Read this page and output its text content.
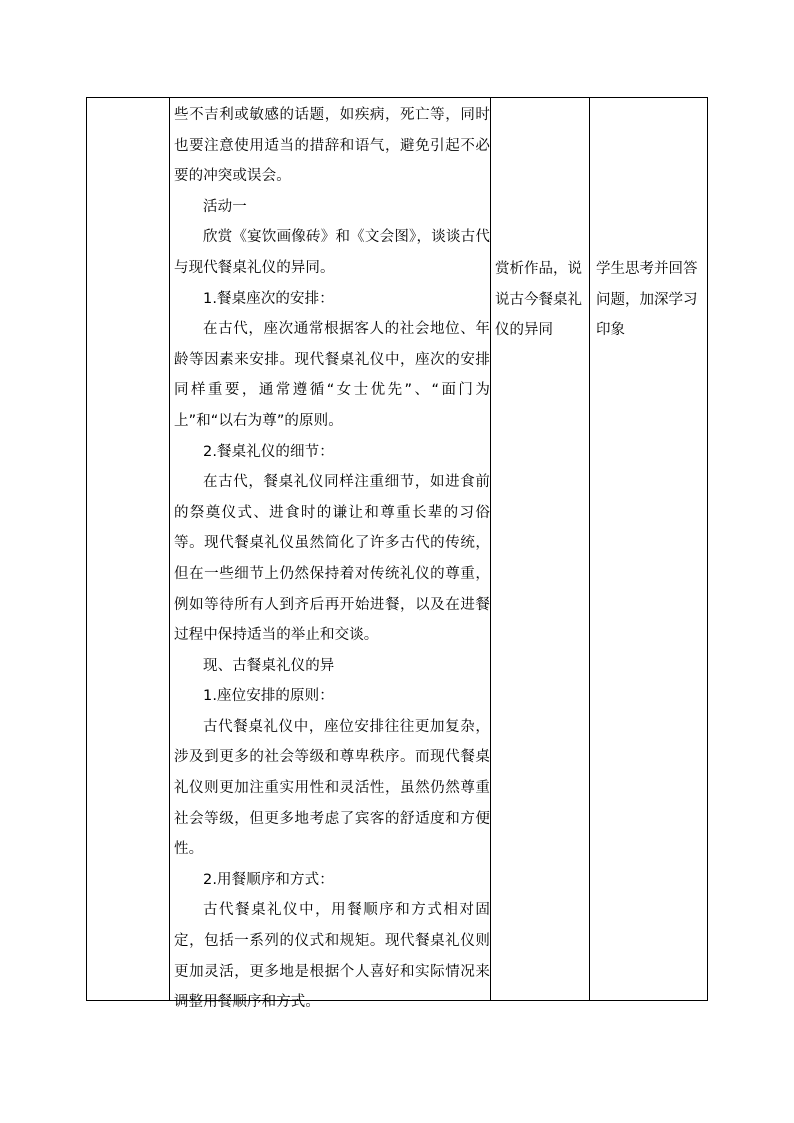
些不吉利或敏感的话题，如疾病，死亡等，同时也要注意使用适当的措辞和语气，避免引起不必要的冲突或误会。

活动一

欣赏《宴饮画像砖》和《文会图》，谈谈古代与现代餐桌礼仪的异同。

1.餐桌座次的安排：

在古代，座次通常根据客人的社会地位、年龄等因素来安排。现代餐桌礼仪中，座次的安排同样重要，通常遵循“女士优先”、“面门为上”和“以右为尊”的原则。

2.餐桌礼仪的细节：

在古代，餐桌礼仪同样注重细节，如进食前的祭奠仪式、进食时的谦让和尊重长辈的习俗等。现代餐桌礼仪虽然简化了许多古代的传统，但在一些细节上仍然保持着对传统礼仪的尊重，例如等待所有人到齐后再开始进餐，以及在进餐过程中保持适当的举止和交谈。

现、古餐桌礼仪的异

1.座位安排的原则：

古代餐桌礼仪中，座位安排往往更加复杂，涉及到更多的社会等级和尊卑秩序。而现代餐桌礼仪则更加注重实用性和灵活性，虽然仍然尊重社会等级，但更多地考虑了宾客的舒适度和方便性。

2.用餐顺序和方式：

古代餐桌礼仪中，用餐顺序和方式相对固定，包括一系列的仪式和规矩。现代餐桌礼仪则更加灵活，更多地是根据个人喜好和实际情况来调整用餐顺序和方式。

赏析作品，说说古今餐桌礼仪的异同

学生思考并回答问题，加深学习印象
